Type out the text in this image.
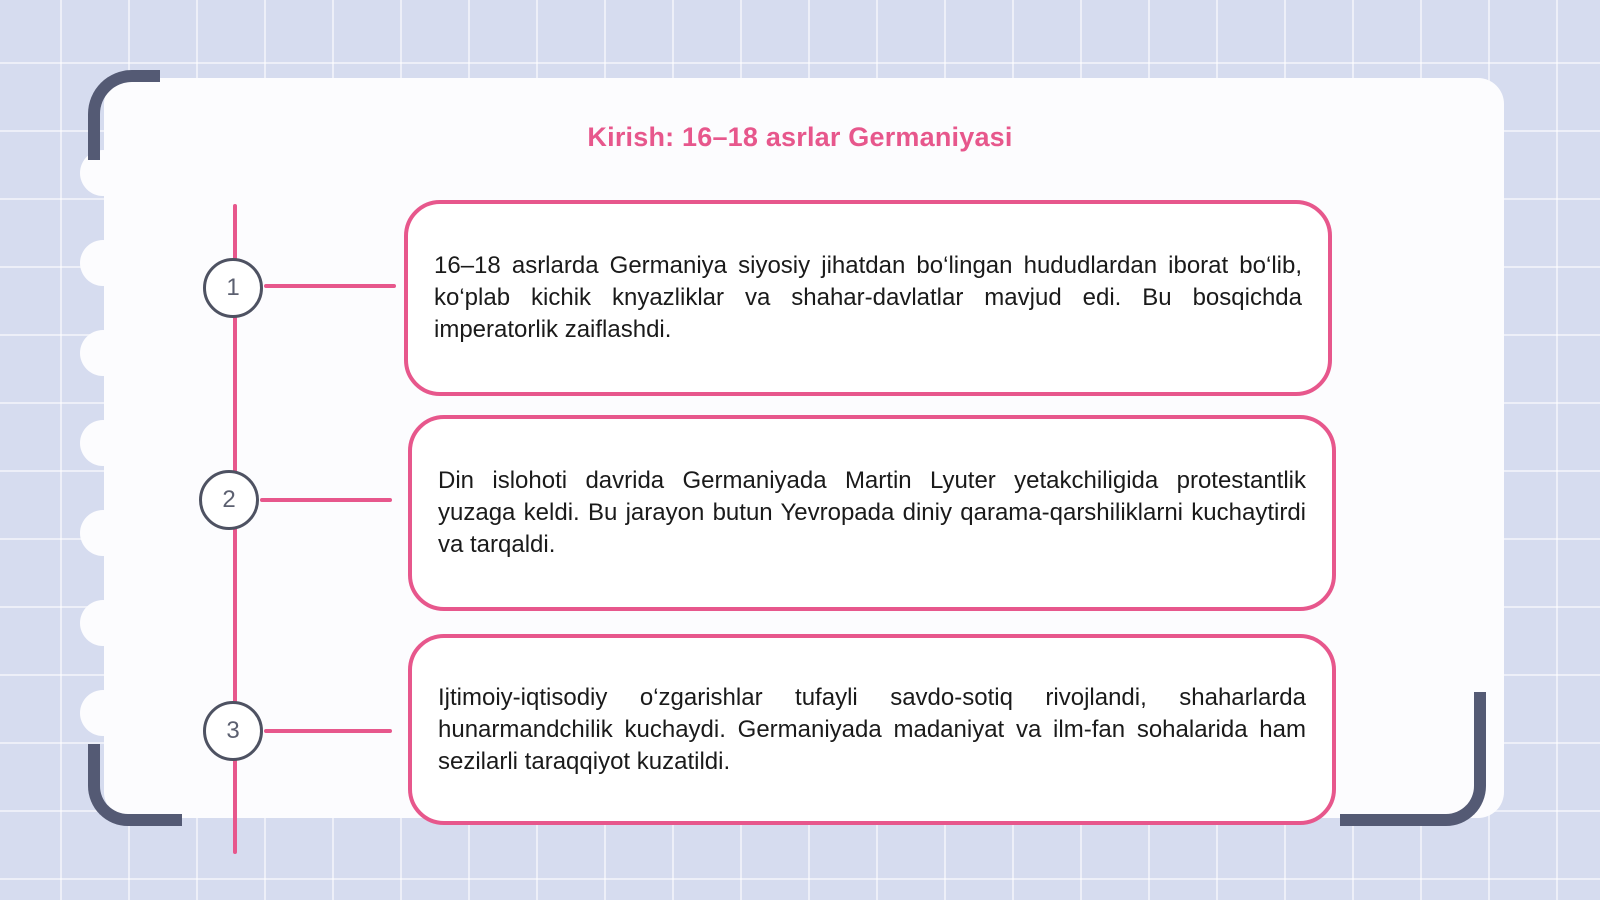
Kirish: 16–18 asrlar Germaniyasi
1

16–18 asrlarda Germaniya siyosiy jihatdan bo‘lingan hududlardan iborat bo‘lib, ko‘plab kichik knyazliklar va shahar-davlatlar mavjud edi. Bu bosqichda imperatorlik zaiflashdi.

2

Din islohoti davrida Germaniyada Martin Lyuter yetakchiligida protestantlik yuzaga keldi. Bu jarayon butun Yevropada diniy qarama-qarshiliklarni kuchaytirdi va tarqaldi.

3

Ijtimoiy-iqtisodiy o‘zgarishlar tufayli savdo-sotiq rivojlandi, shaharlarda hunarmandchilik kuchaydi. Germaniyada madaniyat va ilm-fan sohalarida ham sezilarli taraqqiyot kuzatildi.
